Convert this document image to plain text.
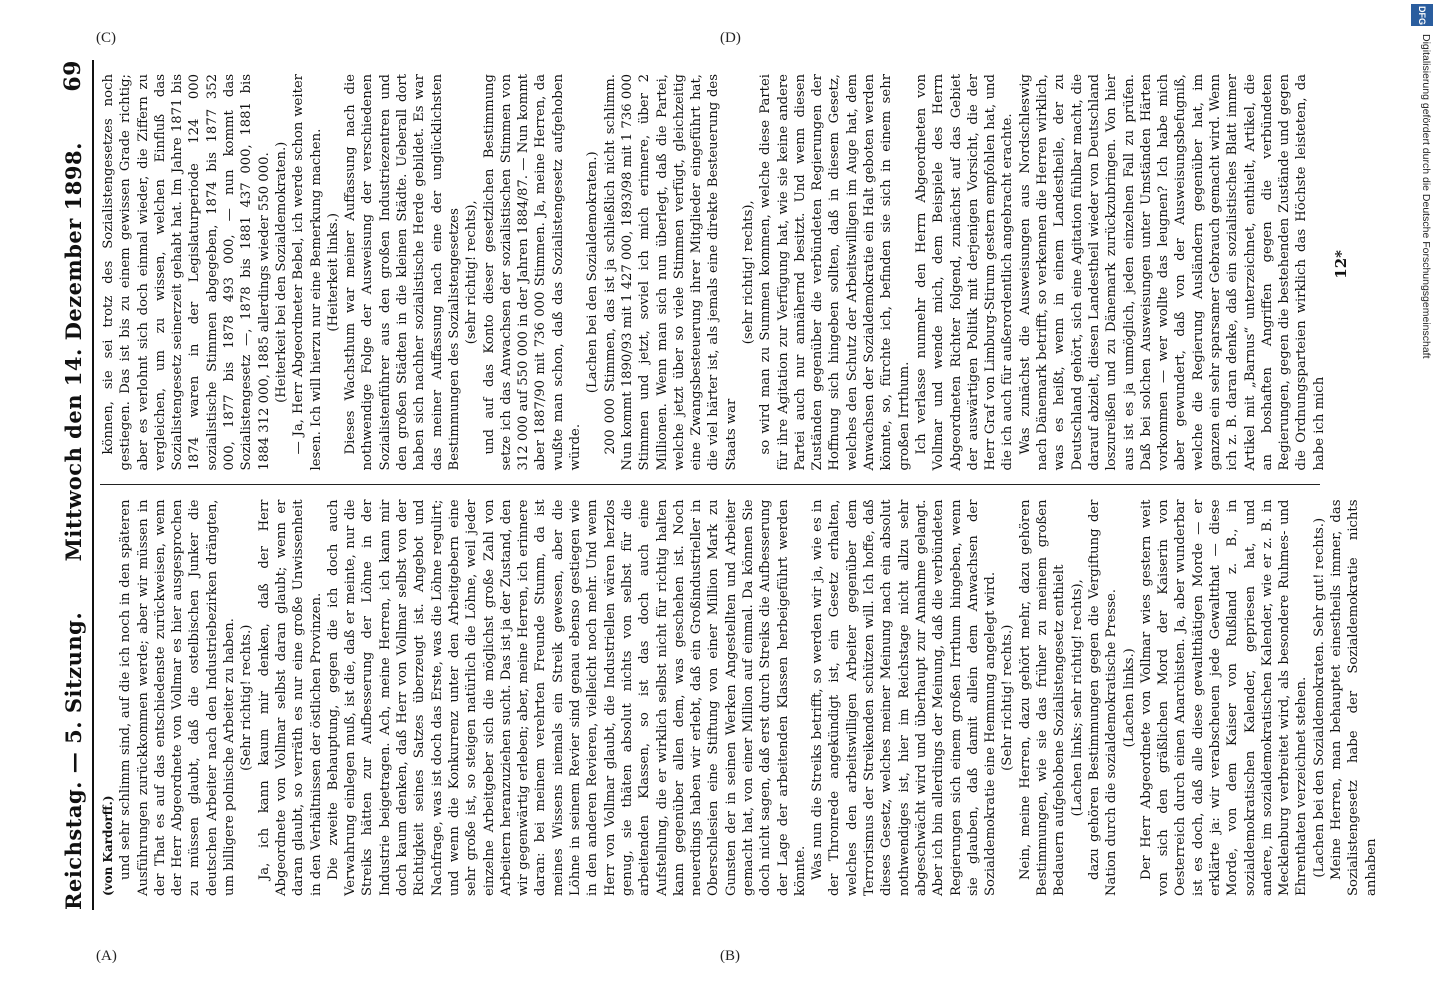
Reichstag. — 5. Sitzung.
Mittwoch den 14. Dezember 1898.
69

(von Kardorff.) und sehr schlimm sind, auf die ich noch in den späteren Ausführungen zurückkommen werde; aber wir müssen in der That es auf das entschiedenste zurückweisen, wenn der Herr Abgeordnete von Vollmar es hier ausgesprochen zu müssen glaubt, daß die ostelbischen Junker die deutschen Arbeiter nach den Industriebezirken drängten, um billigere polnische Arbeiter zu haben. (Sehr richtig! rechts.) Ja, ich kann kaum mir denken, daß der Herr Abgeordnete von Vollmar selbst daran glaubt; wenn er daran glaubt, so verräth es nur eine große Unwissenheit in den Verhältnissen der östlichen Provinzen. Die zweite Behauptung, gegen die ich doch auch Verwahrung einlegen muß, ist die, daß er meinte, nur die Streiks hätten zur Aufbesserung der Löhne in der Industrie beigetragen. Ach, meine Herren, ich kann mir doch kaum denken, daß Herr von Vollmar selbst von der Richtigkeit seines Satzes überzeugt ist. Angebot und Nachfrage, was ist doch das Erste, was die Löhne regulirt; und wenn die Konkurrenz unter den Arbeitgebern eine sehr große ist, so steigen natürlich die Löhne, weil jeder einzelne Arbeitgeber sich die möglichst große Zahl von Arbeitern heranzuziehen sucht. Das ist ja der Zustand, den wir gegenwärtig erleben; aber, meine Herren, ich erinnere daran: bei meinem verehrten Freunde Stumm, da ist meines Wissens niemals ein Streik gewesen, aber die Löhne in seinem Revier sind genau ebenso gestiegen wie in den anderen Revieren, vielleicht noch mehr. Und wenn Herr von Vollmar glaubt, die Industriellen wären herzlos genug, sie thäten absolut nichts von selbst für die arbeitenden Klassen, so ist das doch auch eine Aufstellung, die er wirklich selbst nicht für richtig halten kann gegenüber allen dem, was geschehen ist. Noch neuerdings haben wir erlebt, daß ein Großindustrieller in Oberschlesien eine Stiftung von einer Million Mark zu Gunsten der in seinen Werken Angestellten und Arbeiter gemacht hat, von einer Million auf einmal. Da können Sie doch nicht sagen, daß erst durch Streiks die Aufbesserung der Lage der arbeitenden Klassen herbeigeführt werden könnte. Was nun die Streiks betrifft, so werden wir ja, wie es in der Thronrede angekündigt ist, ein Gesetz erhalten, welches den arbeitswilligen Arbeiter gegenüber dem Terrorismus der Streikenden schützen will. Ich hoffe, daß dieses Gesetz, welches meiner Meinung nach ein absolut nothwendiges ist, hier im Reichstage nicht allzu sehr abgeschwächt wird und überhaupt zur Annahme gelangt. Aber ich bin allerdings der Meinung, daß die verbündeten Regierungen sich einem großen Irrthum hingeben, wenn sie glauben, daß damit allein dem Anwachsen der Sozialdemokratie eine Hemmung angelegt wird. (Sehr richtig! rechts.) Nein, meine Herren, dazu gehört mehr, dazu gehören Bestimmungen, wie sie das früher zu meinem großen Bedauern aufgehobene Sozialistengesetz enthielt (Lachen links; sehr richtig! rechts), dazu gehören Bestimmungen gegen die Vergiftung der Nation durch die sozialdemokratische Presse. (Lachen links.) Der Herr Abgeordnete von Vollmar wies gestern weit von sich den gräßlichen Mord der Kaiserin von Oesterreich durch einen Anarchisten. Ja, aber wunderbar ist es doch, daß alle diese gewaltthätigen Morde — er erklärte ja: wir verabscheuen jede Gewaltthat — diese Morde, von dem Kaiser von Rußland z. B., in sozialdemokratischen Kalender, gepriesen hat, und andere, im sozialdemokratischen Kalender, wie er z. B. in Mecklenburg verbreitet wird, als besondere Ruhmes- und Ehrenthaten verzeichnet stehen. (Lachen bei den Sozialdemokraten. Sehr gut! rechts.) Meine Herren, man behauptet einestheils immer, das Sozialistengesetz habe der Sozialdemokratie nichts anhaben

können, sie sei trotz des Sozialistengesetzes noch gestiegen. Das ist bis zu einem gewissen Grade richtig; aber es verlohnt sich doch einmal wieder, die Ziffern zu vergleichen, um zu wissen, welchen Einfluß das Sozialistengesetz seinerzeit gehabt hat. Im Jahre 1871 bis 1874 waren in der Legislaturperiode 124 000 sozialistische Stimmen abgegeben, 1874 bis 1877 352 000, 1877 bis 1878 493 000, — nun kommt das Sozialistengesetz —, 1878 bis 1881 437 000, 1881 bis 1884 312 000, 1885 allerdings wieder 550 000. (Heiterkeit bei den Sozialdemokraten.) — Ja, Herr Abgeordneter Bebel, ich werde schon weiter lesen. Ich will hierzu nur eine Bemerkung machen. (Heiterkeit links.) Dieses Wachsthum war meiner Auffassung nach die nothwendige Folge der Ausweisung der verschiedenen Sozialistenführer aus den großen Industriezentren und den großen Städten in die kleinen Städte. Ueberall dort haben sich nachher sozialistische Herde gebildet. Es war das meiner Auffassung nach eine der unglücklichsten Bestimmungen des Sozialistengesetzes (sehr richtig! rechts), und auf das Konto dieser gesetzlichen Bestimmung setze ich das Anwachsen der sozialistischen Stimmen von 312 000 auf 550 000 in der Jahren 1884/87. — Nun kommt aber 1887/90 mit 736 000 Stimmen. Ja, meine Herren, da wußte man schon, daß das Sozialistengesetz aufgehoben würde.

(Lachen bei den Sozialdemokraten.) 200 000 Stimmen, das ist ja schließlich nicht schlimm. Nun kommt 1890/93 mit 1 427 000, 1893/98 mit 1 736 000 Stimmen und jetzt, soviel ich mich erinnere, über 2 Millionen. Wenn man sich nun überlegt, daß die Partei, welche jetzt über so viele Stimmen verfügt, gleichzeitig eine Zwangsbesteuerung ihrer Mitglieder eingeführt hat, die viel härter ist, als jemals eine direkte Besteuerung des Staats war

(sehr richtig! rechts), so wird man zu Summen kommen, welche diese Partei für ihre Agitation zur Verfügung hat, wie sie keine andere Partei auch nur annähernd besitzt. Und wenn diesen Zuständen gegenüber die verbündeten Regierungen der Hoffnung sich hingeben sollten, daß in diesem Gesetz, welches den Schutz der Arbeitswilligen im Auge hat, dem Anwachsen der Sozialdemokratie ein Halt geboten werden könnte, so, fürchte ich, befinden sie sich in einem sehr großen Irrthum. Ich verlasse nunmehr den Herrn Abgeordneten von Vollmar und wende mich, dem Beispiele des Herrn Abgeordneten Richter folgend, zunächst auf das Gebiet der auswärtigen Politik mit derjenigen Vorsicht, die der Herr Graf von Limburg-Stirum gestern empfohlen hat, und die ich auch für außerordentlich angebracht erachte. Was zunächst die Ausweisungen aus Nordschleswig nach Dänemark betrifft, so verkennen die Herren wirklich, was es heißt, wenn in einem Landestheile, der zu Deutschland gehört, sich eine Agitation fühlbar macht, die darauf abzielt, diesen Landestheil wieder von Deutschland loszureißen und zu Dänemark zurückzubringen. Von hier aus ist es ja unmöglich, jeden einzelnen Fall zu prüfen. Daß bei solchen Ausweisungen unter Umständen Härten vorkommen — wer wollte das leugnen? Ich habe mich aber gewundert, daß von der Ausweisungsbefugniß, welche die Regierung Ausländern gegenüber hat, im ganzen ein sehr sparsamer Gebrauch gemacht wird. Wenn ich z. B. daran denke, daß ein sozialistisches Blatt immer Artikel mit „Barnus“ unterzeichnet, enthielt, Artikel, die an boshaften Angriffen gegen die verbündeten Regierungen, gegen die bestehenden Zustände und gegen die Ordnungsparteien wirklich das Höchste leisteten, da habe ich mich

12*
(A)	(B)
(C)	(D)
DFG
Digitalisierung gefördert durch die Deutsche Forschungsgemeinschaft
